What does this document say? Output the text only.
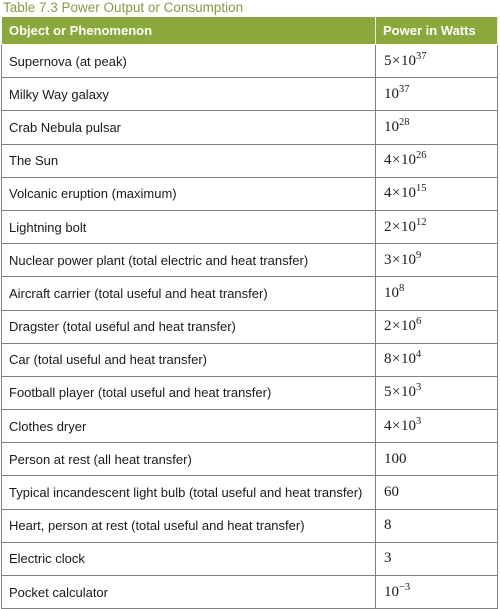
Table 7.3 Power Output or Consumption
Object or Phenomenon	Power in Watts
Supernova (at peak)	$5\times 10^{37}$
Milky Way galaxy	$10^{37}$
Crab Nebula pulsar	$10^{28}$
The Sun	$4\times 10^{26}$
Volcanic eruption (maximum)	$4\times 10^{15}$
Lightning bolt	$2\times 10^{12}$
Nuclear power plant (total electric and heat transfer)	$3\times 10^9$
Aircraft carrier (total useful and heat transfer)	$10^8$
Dragster (total useful and heat transfer)	$2\times 10^6$
Car (total useful and heat transfer)	$8\times 10^4$
Football player (total useful and heat transfer)	$5\times 10^3$
Clothes dryer	$4\times 10^3$
Person at rest (all heat transfer)	100
Typical incandescent light bulb (total useful and heat transfer)	60
Heart, person at rest (total useful and heat transfer)	8
Electric clock	3
Pocket calculator	$10^{-3}$
